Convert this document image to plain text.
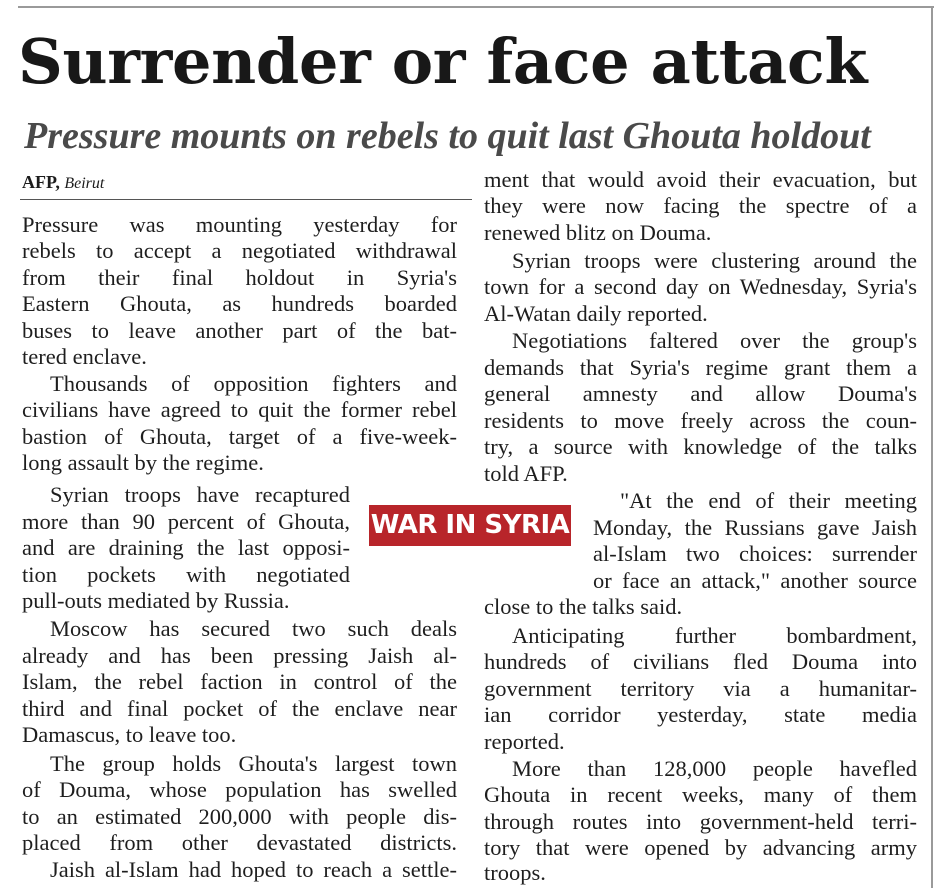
Surrender or face attack
Pressure mounts on rebels to quit last Ghouta holdout
AFP, Beirut

Pressure was mounting yesterday for

rebels to accept a negotiated withdrawal

from their final holdout in Syria's

Eastern Ghouta, as hundreds boarded

buses to leave another part of the bat-

tered enclave.

Thousands of opposition fighters and

civilians have agreed to quit the former rebel

bastion of Ghouta, target of a five-week-

long assault by the regime.

Syrian troops have recaptured

more than 90 percent of Ghouta,

and are draining the last opposi-

tion pockets with negotiated

pull-outs mediated by Russia.

Moscow has secured two such deals

already and has been pressing Jaish al-

Islam, the rebel faction in control of the

third and final pocket of the enclave near

Damascus, to leave too.

The group holds Ghouta's largest town

of Douma, whose population has swelled

to an estimated 200,000 with people dis-

placed from other devastated districts.

Jaish al-Islam had hoped to reach a settle-

ment that would avoid their evacuation, but

they were now facing the spectre of a

renewed blitz on Douma.

Syrian troops were clustering around the

town for a second day on Wednesday, Syria's

Al-Watan daily reported.

Negotiations faltered over the group's

demands that Syria's regime grant them a

general amnesty and allow Douma's

residents to move freely across the coun-

try, a source with knowledge of the talks

told AFP.

"At the end of their meeting

Monday, the Russians gave Jaish

al-Islam two choices: surrender

or face an attack," another source

close to the talks said.

Anticipating further bombardment,

hundreds of civilians fled Douma into

government territory via a humanitar-

ian corridor yesterday, state media

reported.

More than 128,000 people havefled

Ghouta in recent weeks, many of them

through routes into government-held terri-

tory that were opened by advancing army

troops.

WAR IN SYRIA
